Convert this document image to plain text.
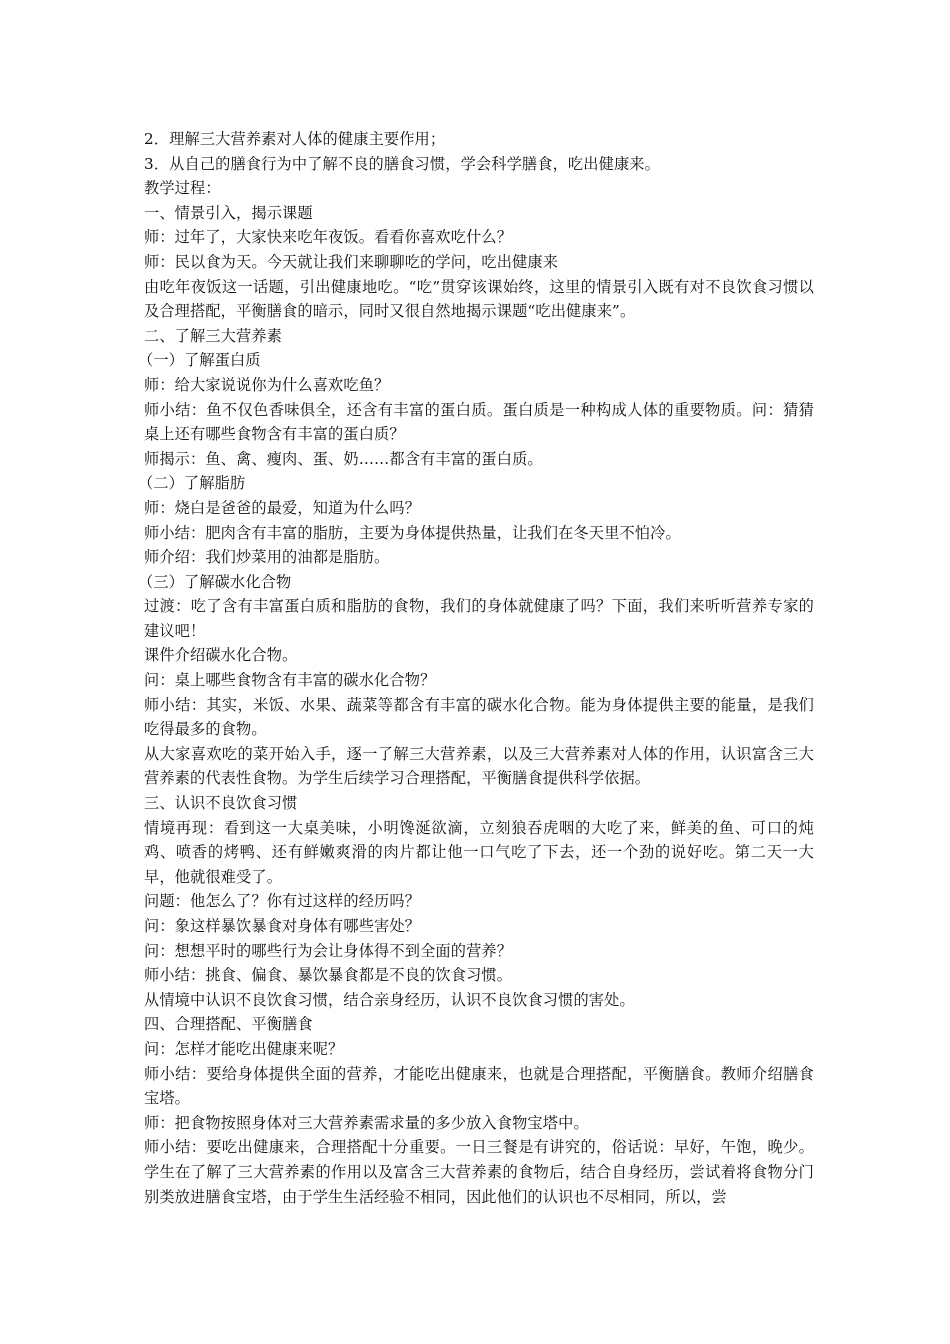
2．理解三大营养素对人体的健康主要作用；

3．从自己的膳食行为中了解不良的膳食习惯，学会科学膳食，吃出健康来。

教学过程：

一、情景引入，揭示课题

师：过年了，大家快来吃年夜饭。看看你喜欢吃什么？

师：民以食为天。今天就让我们来聊聊吃的学问，吃出健康来

由吃年夜饭这一话题，引出健康地吃。“吃”贯穿该课始终，这里的情景引入既有对不良饮食习惯以及合理搭配，平衡膳食的暗示，同时又很自然地揭示课题“吃出健康来”。

二、了解三大营养素

（一）了解蛋白质

师：给大家说说你为什么喜欢吃鱼？

师小结：鱼不仅色香味俱全，还含有丰富的蛋白质。蛋白质是一种构成人体的重要物质。问：猜猜桌上还有哪些食物含有丰富的蛋白质？

师揭示：鱼、禽、瘦肉、蛋、奶……都含有丰富的蛋白质。

（二）了解脂肪

师：烧白是爸爸的最爱，知道为什么吗？

师小结：肥肉含有丰富的脂肪，主要为身体提供热量，让我们在冬天里不怕冷。

师介绍：我们炒菜用的油都是脂肪。

（三）了解碳水化合物

过渡：吃了含有丰富蛋白质和脂肪的食物，我们的身体就健康了吗？下面，我们来听听营养专家的建议吧！

课件介绍碳水化合物。

问：桌上哪些食物含有丰富的碳水化合物？

师小结：其实，米饭、水果、蔬菜等都含有丰富的碳水化合物。能为身体提供主要的能量，是我们吃得最多的食物。

从大家喜欢吃的菜开始入手，逐一了解三大营养素，以及三大营养素对人体的作用，认识富含三大营养素的代表性食物。为学生后续学习合理搭配，平衡膳食提供科学依据。

三、认识不良饮食习惯

情境再现：看到这一大桌美味，小明馋涎欲滴，立刻狼吞虎咽的大吃了来，鲜美的鱼、可口的炖鸡、喷香的烤鸭、还有鲜嫩爽滑的肉片都让他一口气吃了下去，还一个劲的说好吃。第二天一大早，他就很难受了。

问题：他怎么了？你有过这样的经历吗？

问：象这样暴饮暴食对身体有哪些害处？

问：想想平时的哪些行为会让身体得不到全面的营养？

师小结：挑食、偏食、暴饮暴食都是不良的饮食习惯。

从情境中认识不良饮食习惯，结合亲身经历，认识不良饮食习惯的害处。

四、合理搭配、平衡膳食

问：怎样才能吃出健康来呢？

师小结：要给身体提供全面的营养，才能吃出健康来，也就是合理搭配，平衡膳食。教师介绍膳食宝塔。

师：把食物按照身体对三大营养素需求量的多少放入食物宝塔中。

师小结：要吃出健康来，合理搭配十分重要。一日三餐是有讲究的，俗话说：早好，午饱，晚少。学生在了解了三大营养素的作用以及富含三大营养素的食物后，结合自身经历，尝试着将食物分门别类放进膳食宝塔，由于学生生活经验不相同，因此他们的认识也不尽相同，所以，尝
